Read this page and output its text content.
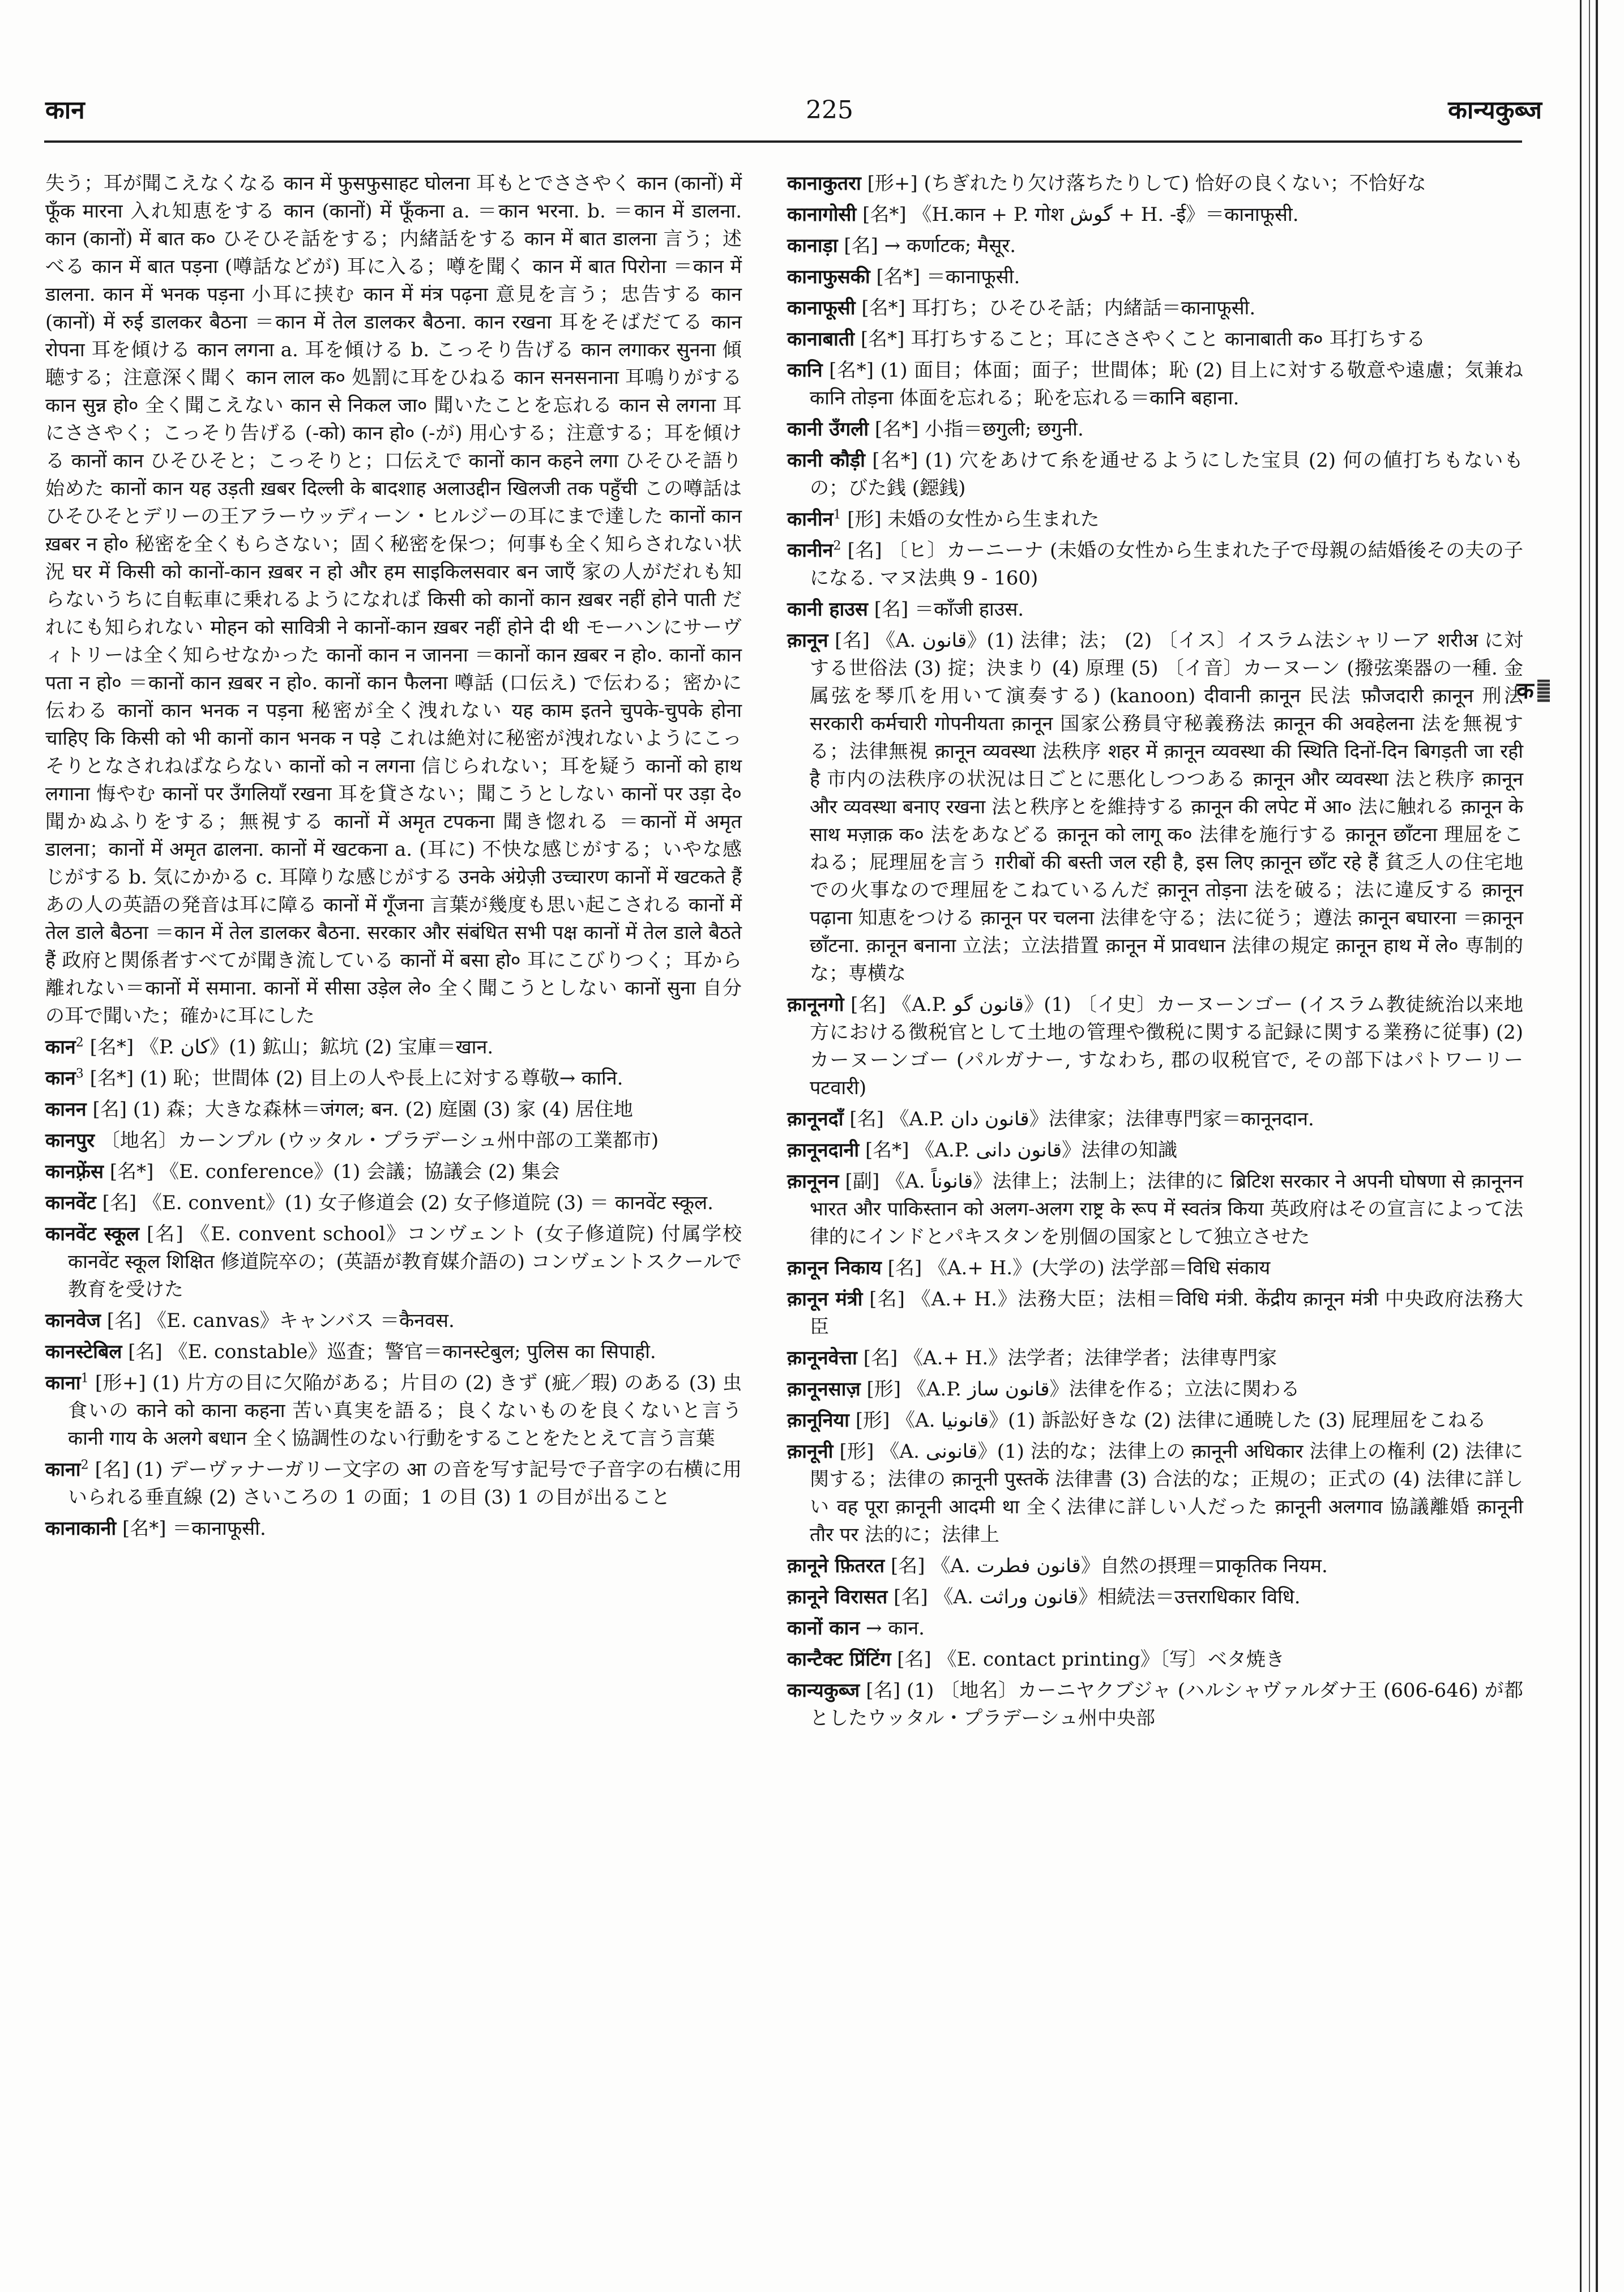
कान	225	कान्यकुब्ज
क

失う；耳が聞こえなくなる कान में फुसफुसाहट घोलना 耳もとでささやく कान (कानों) में फूँक मारना 入れ知恵をする कान (कानों) में फूँकना a. ＝कान भरना. b. ＝कान में डालना. कान (कानों) में बात क० ひそひそ話をする；内緒話をする कान में बात डालना 言う；述べる कान में बात पड़ना (噂話などが) 耳に入る；噂を聞く कान में बात पिरोना ＝कान में डालना. कान में भनक पड़ना 小耳に挟む कान में मंत्र पढ़ना 意見を言う；忠告する कान (कानों) में रुई डालकर बैठना ＝कान में तेल डालकर बैठना. कान रखना 耳をそばだてる कान रोपना 耳を傾ける कान लगना a. 耳を傾ける b. こっそり告げる कान लगाकर सुनना 傾聴する；注意深く聞く कान लाल क० 処罰に耳をひねる कान सनसनाना 耳鳴りがする कान सुन्न हो० 全く聞こえない कान से निकल जा० 聞いたことを忘れる कान से लगना 耳にささやく；こっそり告げる (-को) कान हो० (-が) 用心する；注意する；耳を傾ける कानों कान ひそひそと；こっそりと；口伝えで कानों कान कहने लगा ひそひそ語り始めた कानों कान यह उड़ती ख़बर दिल्ली के बादशाह अलाउद्दीन खिलजी तक पहुँची この噂話はひそひそとデリーの王アラーウッディーン・ヒルジーの耳にまで達した कानों कान ख़बर न हो० 秘密を全くもらさない；固く秘密を保つ；何事も全く知らされない状況 घर में किसी को कानों-कान ख़बर न हो और हम साइकिलसवार बन जाएँ 家の人がだれも知らないうちに自転車に乗れるようになれば किसी को कानों कान ख़बर नहीं होने पाती だれにも知られない मोहन को सावित्री ने कानों-कान ख़बर नहीं होने दी थी モーハンにサーヴィトリーは全く知らせなかった कानों कान न जानना ＝कानों कान ख़बर न हो०. कानों कान पता न हो० ＝कानों कान ख़बर न हो०. कानों कान फैलना 噂話 (口伝え) で伝わる；密かに伝わる कानों कान भनक न पड़ना 秘密が全く洩れない यह काम इतने चुपके-चुपके होना चाहिए कि किसी को भी कानों कान भनक न पड़े これは絶対に秘密が洩れないようにこっそりとなされねばならない कानों को न लगना 信じられない；耳を疑う कानों को हाथ लगाना 悔やむ कानों पर उँगलियाँ रखना 耳を貸さない；聞こうとしない कानों पर उड़ा दे० 聞かぬふりをする；無視する कानों में अमृत टपकना 聞き惚れる ＝कानों में अमृत डालना；कानों में अमृत ढालना. कानों में खटकना a. (耳に) 不快な感じがする；いやな感じがする b. 気にかかる c. 耳障りな感じがする उनके अंग्रेज़ी उच्चारण कानों में खटकते हैं あの人の英語の発音は耳に障る कानों में गूँजना 言葉が幾度も思い起こされる कानों में तेल डाले बैठना ＝कान में तेल डालकर बैठना. सरकार और संबंधित सभी पक्ष कानों में तेल डाले बैठते हैं 政府と関係者すべてが聞き流している कानों में बसा हो० 耳にこびりつく；耳から離れない＝कानों में समाना. कानों में सीसा उड़ेल ले० 全く聞こうとしない कानों सुना 自分の耳で聞いた；確かに耳にした

कान$^2$ [名*] 《P. کان》(1) 鉱山；鉱坑 (2) 宝庫＝खान.

कान$^3$ [名*] (1) 恥；世間体 (2) 目上の人や長上に対する尊敬→ कानि.

कानन [名] (1) 森；大きな森林＝जंगल; बन. (2) 庭園 (3) 家 (4) 居住地

कानपुर 〔地名〕カーンプル (ウッタル・プラデーシュ州中部の工業都市)

कानफ़्रेंस [名*] 《E. conference》(1) 会議；協議会 (2) 集会

कानवेंट [名] 《E. convent》(1) 女子修道会 (2) 女子修道院 (3) ＝ कानवेंट स्कूल.

कानवेंट स्कूल [名] 《E. convent school》コンヴェント (女子修道院) 付属学校 कानवेंट स्कूल शिक्षित 修道院卒の；(英語が教育媒介語の) コンヴェントスクールで教育を受けた

कानवेज [名] 《E. canvas》キャンバス ＝कैनवस.

कानस्टेबिल [名] 《E. constable》巡査；警官＝कानस्टेबुल; पुलिस का सिपाही.

काना$^1$ [形+] (1) 片方の目に欠陥がある；片目の (2) きず (疵／瑕) のある (3) 虫食いの काने को काना कहना 苦い真実を語る；良くないものを良くないと言う कानी गाय के अलगे बधान 全く協調性のない行動をすることをたとえて言う言葉

काना$^2$ [名] (1) デーヴァナーガリー文字の आ の音を写す記号で子音字の右横に用いられる垂直線 (2) さいころの 1 の面；1 の目 (3) 1 の目が出ること

कानाकानी [名*] ＝कानाफूसी.

कानाकुतरा [形+] (ちぎれたり欠け落ちたりして) 恰好の良くない；不恰好な

कानागोसी [名*] 《H.कान + P. गोश گوش + H. -ई》＝कानाफूसी.

कानाड़ा [名] → कर्णाटक; मैसूर.

कानाफुसकी [名*] ＝कानाफूसी.

कानाफूसी [名*] 耳打ち；ひそひそ話；内緒話＝कानाफूसी.

कानाबाती [名*] 耳打ちすること；耳にささやくこと कानाबाती क० 耳打ちする

कानि [名*] (1) 面目；体面；面子；世間体；恥 (2) 目上に対する敬意や遠慮；気兼ね कानि तोड़ना 体面を忘れる；恥を忘れる＝कानि बहाना.

कानी उँगली [名*] 小指＝छगुली; छगुनी.

कानी कौड़ी [名*] (1) 穴をあけて糸を通せるようにした宝貝 (2) 何の値打ちもないもの；びた銭 (鐚銭)

कानीन$^1$ [形] 未婚の女性から生まれた

कानीन$^2$ [名] 〔ヒ〕カーニーナ (未婚の女性から生まれた子で母親の結婚後その夫の子になる. マヌ法典 9 - 160)

कानी हाउस [名] ＝काँजी हाउस.

क़ानून [名] 《A. قانون》(1) 法律；法； (2) 〔イス〕イスラム法シャリーア शरीअ に対する世俗法 (3) 掟；決まり (4) 原理 (5) 〔イ音〕カーヌーン (撥弦楽器の一種. 金属弦を琴爪を用いて演奏する) (kanoon) दीवानी क़ानून 民法 फ़ौजदारी क़ानून 刑法 सरकारी कर्मचारी गोपनीयता क़ानून 国家公務員守秘義務法 क़ानून की अवहेलना 法を無視する；法律無視 क़ानून व्यवस्था 法秩序 शहर में क़ानून व्यवस्था की स्थिति दिनों-दिन बिगड़ती जा रही है 市内の法秩序の状況は日ごとに悪化しつつある क़ानून और व्यवस्था 法と秩序 क़ानून और व्यवस्था बनाए रखना 法と秩序とを維持する क़ानून की लपेट में आ० 法に触れる क़ानून के साथ मज़ाक़ क० 法をあなどる क़ानून को लागू क० 法律を施行する क़ानून छाँटना 理屈をこねる；屁理屈を言う ग़रीबों की बस्ती जल रही है, इस लिए क़ानून छाँट रहे हैं 貧乏人の住宅地での火事なので理屈をこねているんだ क़ानून तोड़ना 法を破る；法に違反する क़ानून पढ़ाना 知恵をつける क़ानून पर चलना 法律を守る；法に従う；遵法 क़ानून बघारना ＝क़ानून छाँटना. क़ानून बनाना 立法；立法措置 क़ानून में प्रावधान 法律の規定 क़ानून हाथ में ले० 専制的な；専横な

क़ानूनगो [名] 《A.P. قانون گو》(1) 〔イ史〕カーヌーンゴー (イスラム教徒統治以来地方における徴税官として土地の管理や徴税に関する記録に関する業務に従事) (2) カーヌーンゴー (パルガナー, すなわち, 郡の収税官で, その部下はパトワーリー पटवारी)

क़ानूनदाँ [名] 《A.P. قانون دان》法律家；法律専門家＝कानूनदान.

क़ानूनदानी [名*] 《A.P. قانون دانی》法律の知識

क़ानूनन [副] 《A. قانوناً》法律上；法制上；法律的に ब्रिटिश सरकार ने अपनी घोषणा से क़ानूनन भारत और पाकिस्तान को अलग-अलग राष्ट्र के रूप में स्वतंत्र किया 英政府はその宣言によって法律的にインドとパキスタンを別個の国家として独立させた

क़ानून निकाय [名] 《A.+ H.》(大学の) 法学部＝विधि संकाय

क़ानून मंत्री [名] 《A.+ H.》法務大臣；法相＝विधि मंत्री. केंद्रीय क़ानून मंत्री 中央政府法務大臣

क़ानूनवेत्ता [名] 《A.+ H.》法学者；法律学者；法律専門家

क़ानूनसाज़ [形] 《A.P. قانون ساز》法律を作る；立法に関わる

क़ानूनिया [形] 《A. قانونیا》(1) 訴訟好きな (2) 法律に通暁した (3) 屁理屈をこねる

क़ानूनी [形] 《A. قانونی》(1) 法的な；法律上の क़ानूनी अधिकार 法律上の権利 (2) 法律に関する；法律の क़ानूनी पुस्तकें 法律書 (3) 合法的な；正規の；正式の (4) 法律に詳しい वह पूरा क़ानूनी आदमी था 全く法律に詳しい人だった क़ानूनी अलगाव 協議離婚 क़ानूनी तौर पर 法的に；法律上

क़ानूने फ़ितरत [名] 《A. قانون فطرت》自然の摂理＝प्राकृतिक नियम.

क़ानूने विरासत [名] 《A. قانون وراثت》相続法＝उत्तराधिकार विधि.

कानों कान → कान.

कान्टैक्ट प्रिंटिंग [名] 《E. contact printing》〔写〕ベタ焼き

कान्यकुब्ज [名] (1) 〔地名〕カーニヤクブジャ (ハルシャヴァルダナ王 (606-646) が都としたウッタル・プラデーシュ州中央部
